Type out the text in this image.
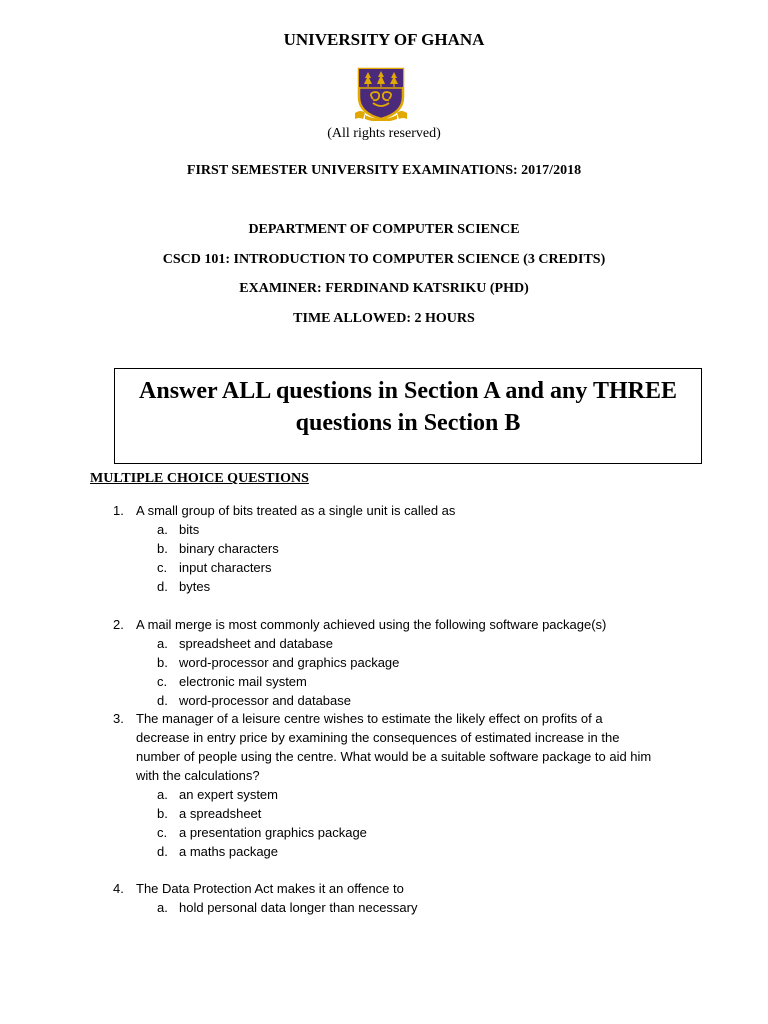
UNIVERSITY OF GHANA
(All rights reserved)
FIRST SEMESTER UNIVERSITY EXAMINATIONS: 2017/2018
DEPARTMENT OF COMPUTER SCIENCE
CSCD 101: INTRODUCTION TO COMPUTER SCIENCE (3 CREDITS)
EXAMINER: FERDINAND KATSRIKU (PHD)
TIME ALLOWED: 2 HOURS
Answer ALL questions in Section A and any THREE
questions in Section B
MULTIPLE CHOICE QUESTIONS
1. A small group of bits treated as a single unit is called as
a. bits
b. binary characters
c. input characters
d. bytes
2. A mail merge is most commonly achieved using the following software package(s)
a. spreadsheet and database
b. word-processor and graphics package
c. electronic mail system
d. word-processor and database
3. The manager of a leisure centre wishes to estimate the likely effect on profits of a decrease in entry price by examining the consequences of estimated increase in the number of people using the centre. What would be a suitable software package to aid him with the calculations?
a. an expert system
b. a spreadsheet
c. a presentation graphics package
d. a maths package
4. The Data Protection Act makes it an offence to
a. hold personal data longer than necessary
